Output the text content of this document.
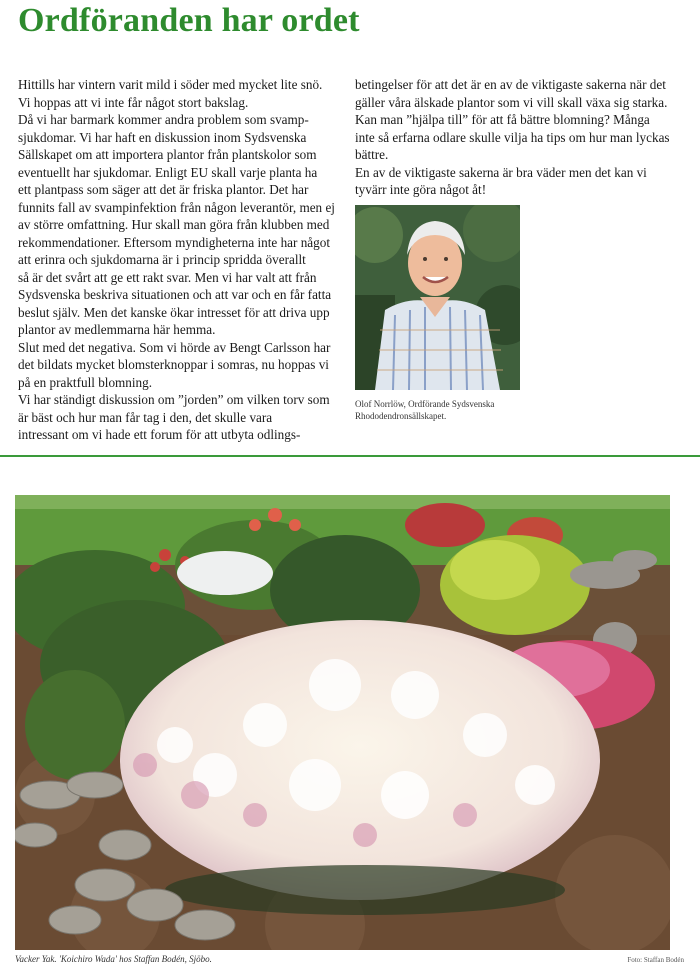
Ordföranden har ordet

Hittills har vintern varit mild i söder med mycket lite snö.

Vi hoppas att vi inte får något stort bakslag.

Då vi har barmark kommer andra problem som svamp-

sjukdomar. Vi har haft en diskussion inom Sydsvenska

Sällskapet om att importera plantor från plantskolor som

eventuellt har sjukdomar. Enligt EU skall varje planta ha

ett plantpass som säger att det är friska plantor. Det har

funnits fall av svampinfektion från någon leverantör, men ej

av större omfattning. Hur skall man göra från klubben med

rekommendationer. Eftersom myndigheterna inte har något

att erinra och sjukdomarna är i princip spridda överallt

så är det svårt att ge ett rakt svar. Men vi har valt att från

Sydsvenska beskriva situationen och att var och en får fatta

beslut själv. Men det kanske ökar intresset för att driva upp

plantor av medlemmarna här hemma.

Slut med det negativa. Som vi hörde av Bengt Carlsson har

det bildats mycket blomsterknoppar i somras, nu hoppas vi

på en praktfull blomning.

Vi har ständigt diskussion om ”jorden” om vilken torv som

är bäst och hur man får tag i den, det skulle vara

intressant om vi hade ett forum för att utbyta odlings-

betingelser för att det är en av de viktigaste sakerna när det

gäller våra älskade plantor som vi vill skall växa sig starka.

Kan man ”hjälpa till” för att få bättre blomning? Många

inte så erfarna odlare skulle vilja ha tips om hur man lyckas

bättre.

En av de viktigaste sakerna är bra väder men det kan vi

tyvärr inte göra något åt!

Olof Norrlöw, Ordförande Sydsvenska
Rhododendronsällskapet.
Vacker Yak. 'Koichiro Wada' hos Staffan Bodén, Sjöbo.	Foto: Staffan Bodén
